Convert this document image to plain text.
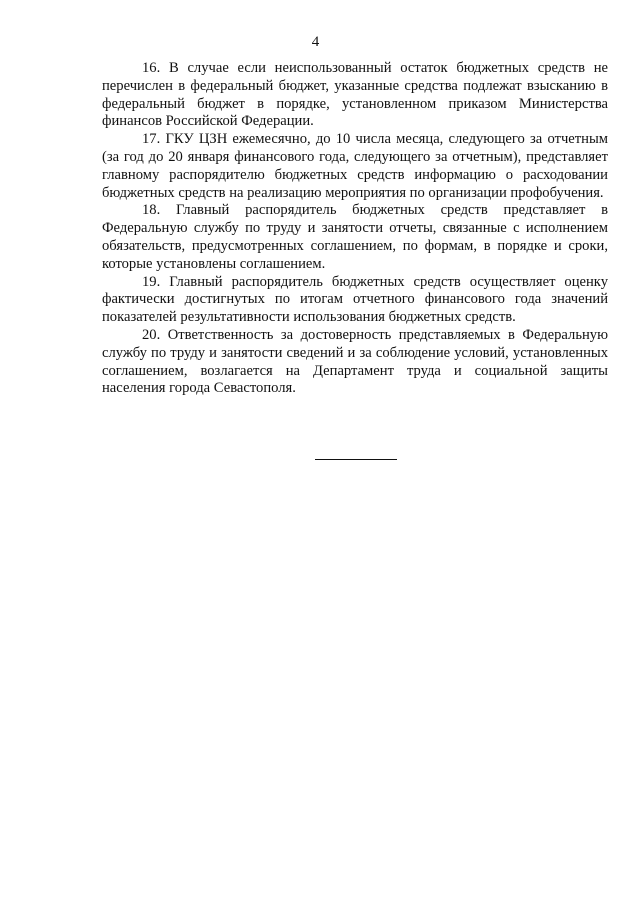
4

16. В случае если неиспользованный остаток бюджетных средств не перечислен в федеральный бюджет, указанные средства подлежат взысканию в федеральный бюджет в порядке, установленном приказом Министерства финансов Российской Федерации.

17. ГКУ ЦЗН ежемесячно, до 10 числа месяца, следующего за отчетным (за год до 20 января финансового года, следующего за отчетным), представляет главному распорядителю бюджетных средств информацию о расходовании бюджетных средств на реализацию мероприятия по организации профобучения.

18. Главный распорядитель бюджетных средств представляет в Федеральную службу по труду и занятости отчеты, связанные с исполнением обязательств, предусмотренных соглашением, по формам, в порядке и сроки, которые установлены соглашением.

19. Главный распорядитель бюджетных средств осуществляет оценку фактически достигнутых по итогам отчетного финансового года значений показателей результативности использования бюджетных средств.

20. Ответственность за достоверность представляемых в Федеральную службу по труду и занятости сведений и за соблюдение условий, установленных соглашением, возлагается на Департамент труда и социальной защиты населения города Севастополя.
